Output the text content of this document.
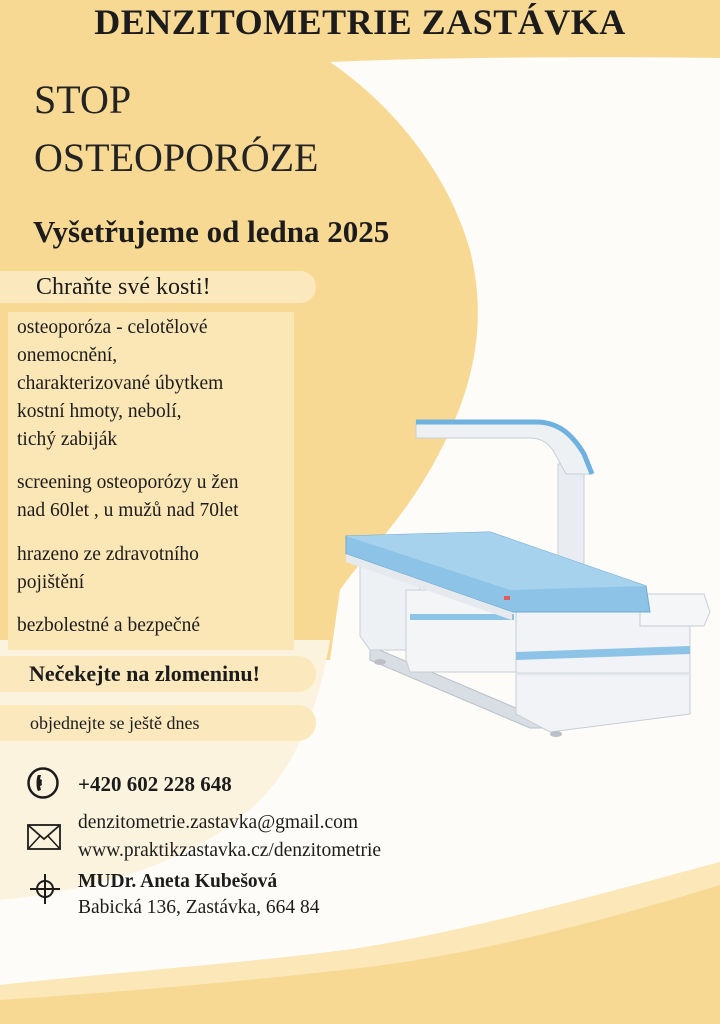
DENZITOMETRIE ZASTÁVKA
STOP
OSTEOPORÓZE
Vyšetřujeme od ledna 2025
Chraňte své kosti!
osteoporóza - celotělové
onemocnění,
charakterizované úbytkem
kostní hmoty, nebolí,
tichý zabiják
screening osteoporózy u žen
nad 60let , u mužů nad 70let
hrazeno ze zdravotního
pojištění
bezbolestné a bezpečné
Nečekejte na zlomeninu!
objednejte se ještě dnes
+420 602 228 648
denzitometrie.zastavka@gmail.com
www.praktikzastavka.cz/denzitometrie
MUDr. Aneta Kubešová
Babická 136, Zastávka, 664 84
